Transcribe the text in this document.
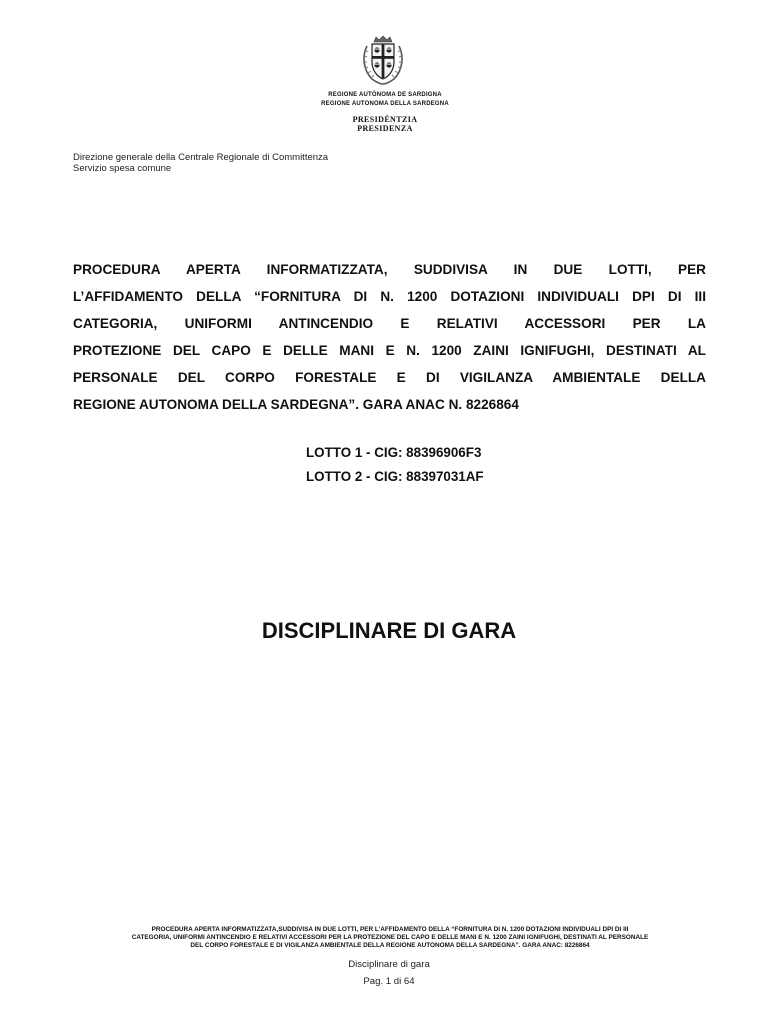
REGIONE AUTÒNOMA DE SARDIGNA
REGIONE AUTONOMA DELLA SARDEGNA
PRESIDÈNTZIA
PRESIDENZA
Direzione generale della Centrale Regionale di Committenza
Servizio spesa comune
PROCEDURA APERTA INFORMATIZZATA, SUDDIVISA IN DUE LOTTI, PER
L’AFFIDAMENTO DELLA “FORNITURA DI N. 1200 DOTAZIONI INDIVIDUALI DPI DI III
CATEGORIA, UNIFORMI ANTINCENDIO E RELATIVI ACCESSORI PER LA
PROTEZIONE DEL CAPO E DELLE MANI E N. 1200 ZAINI IGNIFUGHI, DESTINATI AL
PERSONALE DEL CORPO FORESTALE E DI VIGILANZA AMBIENTALE DELLA
REGIONE AUTONOMA DELLA SARDEGNA”. GARA ANAC N. 8226864
LOTTO 1 - CIG: 88396906F3
LOTTO 2 - CIG: 88397031AF
DISCIPLINARE DI GARA
PROCEDURA APERTA INFORMATIZZATA,SUDDIVISA IN DUE LOTTI, PER L’AFFIDAMENTO DELLA “FORNITURA DI N. 1200 DOTAZIONI INDIVIDUALI DPI DI III
CATEGORIA, UNIFORMI ANTINCENDIO E RELATIVI ACCESSORI PER LA PROTEZIONE DEL CAPO E DELLE MANI E N. 1200 ZAINI IGNIFUGHI, DESTINATI AL PERSONALE
DEL CORPO FORESTALE E DI VIGILANZA AMBIENTALE DELLA REGIONE AUTONOMA DELLA SARDEGNA”. GARA ANAC: 8226864
Disciplinare di gara
Pag. 1 di 64
